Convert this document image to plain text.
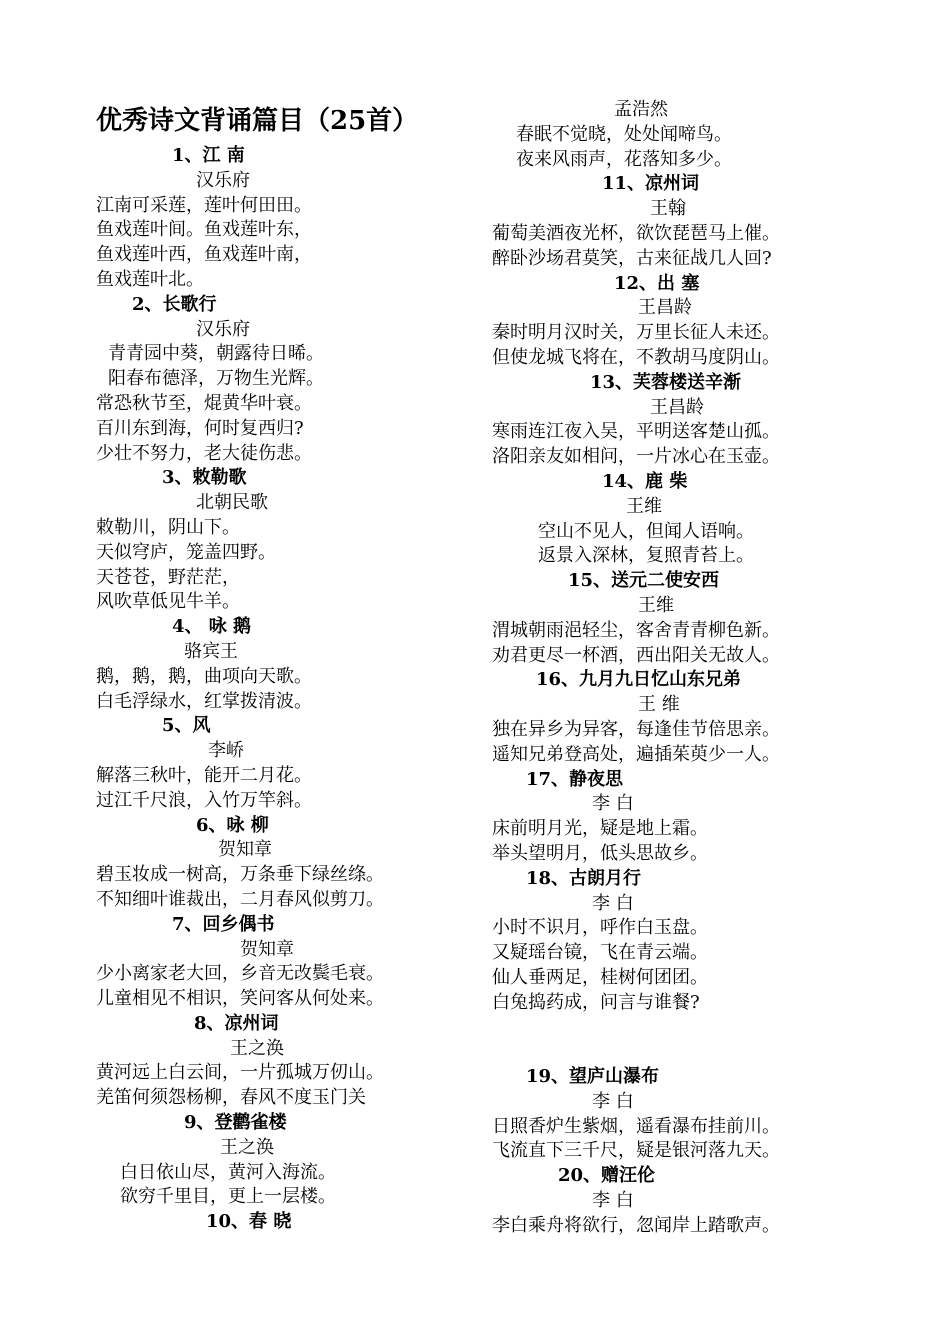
优秀诗文背诵篇目（25首）
1、江 南
汉乐府
江南可采莲，莲叶何田田。
鱼戏莲叶间。鱼戏莲叶东，
鱼戏莲叶西，鱼戏莲叶南，
鱼戏莲叶北。
2、长歌行
汉乐府
青青园中葵，朝露待日晞。
阳春布德泽，万物生光辉。
常恐秋节至，焜黄华叶衰。
百川东到海，何时复西归?
少壮不努力，老大徒伤悲。
3、敕勒歌
北朝民歌
敕勒川，阴山下。
天似穹庐，笼盖四野。
天苍苍，野茫茫，
风吹草低见牛羊。
4、 咏 鹅
骆宾王
鹅，鹅，鹅，曲项向天歌。
白毛浮绿水，红掌拨清波。
5、风
李峤
解落三秋叶，能开二月花。
过江千尺浪，入竹万竿斜。
6、咏 柳
贺知章
碧玉妆成一树高，万条垂下绿丝绦。
不知细叶谁裁出，二月春风似剪刀。
7、回乡偶书
贺知章
少小离家老大回，乡音无改鬓毛衰。
儿童相见不相识，笑问客从何处来。
8、凉州词
王之涣
黄河远上白云间，一片孤城万仞山。
羌笛何须怨杨柳，春风不度玉门关
9、登鹳雀楼
王之涣
白日依山尽，黄河入海流。
欲穷千里目，更上一层楼。
10、春 晓
孟浩然
春眠不觉晓，处处闻啼鸟。
夜来风雨声，花落知多少。
11、凉州词
王翰
葡萄美酒夜光杯，欲饮琵琶马上催。
醉卧沙场君莫笑，古来征战几人回?
12、出 塞
王昌龄
秦时明月汉时关，万里长征人未还。
但使龙城飞将在，不教胡马度阴山。
13、芙蓉楼送辛渐
王昌龄
寒雨连江夜入吴，平明送客楚山孤。
洛阳亲友如相问，一片冰心在玉壶。
14、鹿 柴
王维
空山不见人，但闻人语响。
返景入深林，复照青苔上。
15、送元二使安西
王维
渭城朝雨浥轻尘，客舍青青柳色新。
劝君更尽一杯酒，西出阳关无故人。
16、九月九日忆山东兄弟
王 维
独在异乡为异客，每逢佳节倍思亲。
遥知兄弟登高处，遍插茱萸少一人。
17、静夜思
李 白
床前明月光，疑是地上霜。
举头望明月，低头思故乡。
18、古朗月行
李 白
小时不识月，呼作白玉盘。
又疑瑶台镜，飞在青云端。
仙人垂两足，桂树何团团。
白兔捣药成，问言与谁餐?
19、望庐山瀑布
李 白
日照香炉生紫烟，遥看瀑布挂前川。
飞流直下三千尺，疑是银河落九天。
20、赠汪伦
李 白
李白乘舟将欲行，忽闻岸上踏歌声。
